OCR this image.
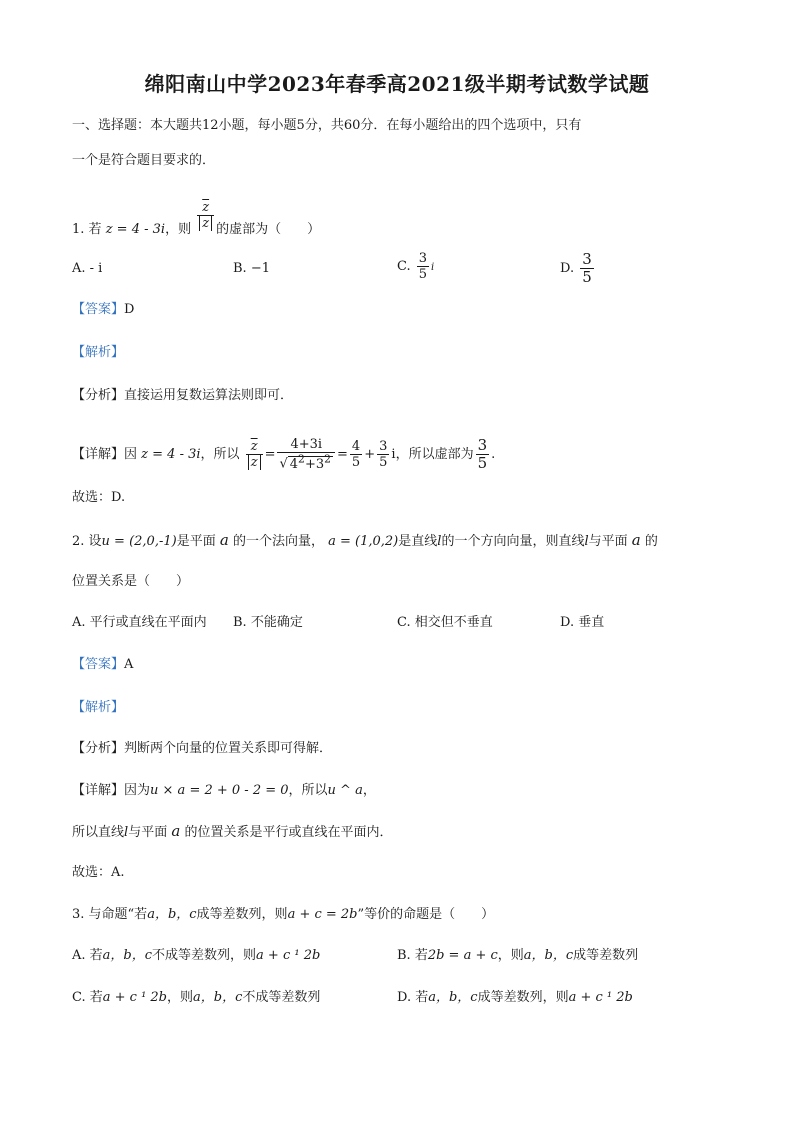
绵阳南山中学2023年春季高2021级半期考试数学试题
一、选择题：本大题共12小题，每小题5分，共60分．在每小题给出的四个选项中，只有
一个是符合题目要求的．
1. 若 z = 4 - 3i，则 $\frac{\overline{z}}{z}$ 的虚部为（　　）
A. - i	B. −1	C. $\frac{3}{5}$ i	D. $\frac{3}{5}$
【答案】D
【解析】
【分析】直接运用复数运算法则即可．
【详解】因 z = 4 - 3i，所以 $\frac{\overline{z}}{z} = \frac{4+3i}{√ 4^2+3^2} = \frac{4}{5} + \frac{3}{5}$ i，所以虚部为 $\frac{3}{5}$ .
故选：D.
2. 设u = (2,0,-1)是平面 a 的一个法向量， a = (1,0,2)是直线l的一个方向向量，则直线l与平面 a 的
位置关系是（　　）
A. 平行或直线在平面内 B. 不能确定	C. 相交但不垂直	D. 垂直
【答案】A
【解析】
【分析】判断两个向量的位置关系即可得解．
【详解】因为u × a = 2 + 0 - 2 = 0，所以u ^ a，
所以直线l与平面 a 的位置关系是平行或直线在平面内．
故选：A.
3. 与命题“若a，b，c成等差数列，则a + c = 2b”等价的命题是（　　）
A. 若a，b，c不成等差数列，则a + c ¹ 2b	B. 若2b = a + c，则a，b，c成等差数列
C. 若a + c ¹ 2b，则a，b，c不成等差数列	D. 若a，b，c成等差数列，则a + c ¹ 2b
